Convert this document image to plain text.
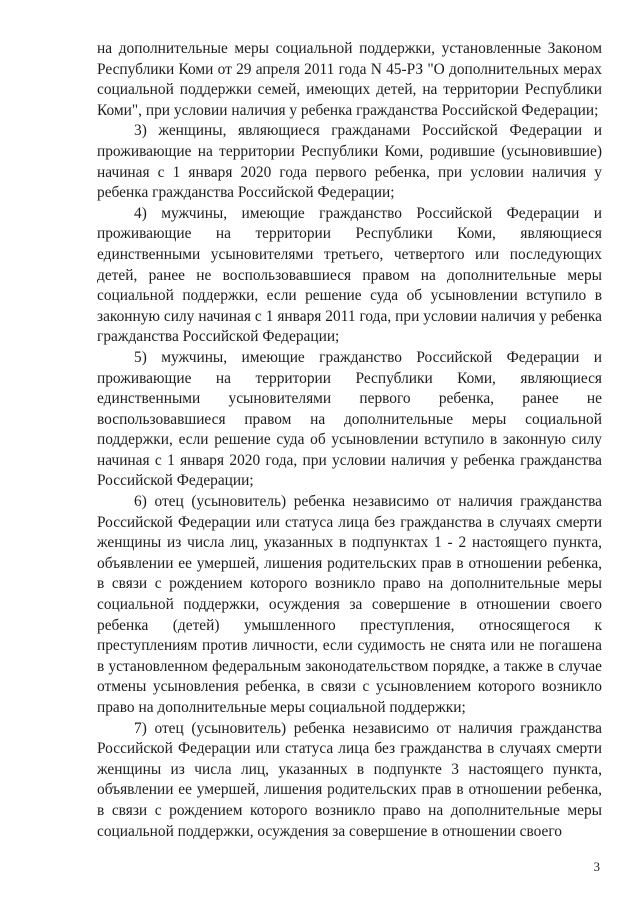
на дополнительные меры социальной поддержки, установленные Законом Республики Коми от 29 апреля 2011 года N 45-РЗ "О дополнительных мерах социальной поддержки семей, имеющих детей, на территории Республики Коми", при условии наличия у ребенка гражданства Российской Федерации;

3) женщины, являющиеся гражданами Российской Федерации и проживающие на территории Республики Коми, родившие (усыновившие) начиная с 1 января 2020 года первого ребенка, при условии наличия у ребенка гражданства Российской Федерации;

4) мужчины, имеющие гражданство Российской Федерации и проживающие на территории Республики Коми, являющиеся единственными усыновителями третьего, четвертого или последующих детей, ранее не воспользовавшиеся правом на дополнительные меры социальной поддержки, если решение суда об усыновлении вступило в законную силу начиная с 1 января 2011 года, при условии наличия у ребенка гражданства Российской Федерации;

5) мужчины, имеющие гражданство Российской Федерации и проживающие на территории Республики Коми, являющиеся единственными усыновителями первого ребенка, ранее не воспользовавшиеся правом на дополнительные меры социальной поддержки, если решение суда об усыновлении вступило в законную силу начиная с 1 января 2020 года, при условии наличия у ребенка гражданства Российской Федерации;

6) отец (усыновитель) ребенка независимо от наличия гражданства Российской Федерации или статуса лица без гражданства в случаях смерти женщины из числа лиц, указанных в подпунктах 1 - 2 настоящего пункта, объявлении ее умершей, лишения родительских прав в отношении ребенка, в связи с рождением которого возникло право на дополнительные меры социальной поддержки, осуждения за совершение в отношении своего ребенка (детей) умышленного преступления, относящегося к преступлениям против личности, если судимость не снята или не погашена в установленном федеральным законодательством порядке, а также в случае отмены усыновления ребенка, в связи с усыновлением которого возникло право на дополнительные меры социальной поддержки;

7) отец (усыновитель) ребенка независимо от наличия гражданства Российской Федерации или статуса лица без гражданства в случаях смерти женщины из числа лиц, указанных в подпункте 3 настоящего пункта, объявлении ее умершей, лишения родительских прав в отношении ребенка, в связи с рождением которого возникло право на дополнительные меры социальной поддержки, осуждения за совершение в отношении своего

3
